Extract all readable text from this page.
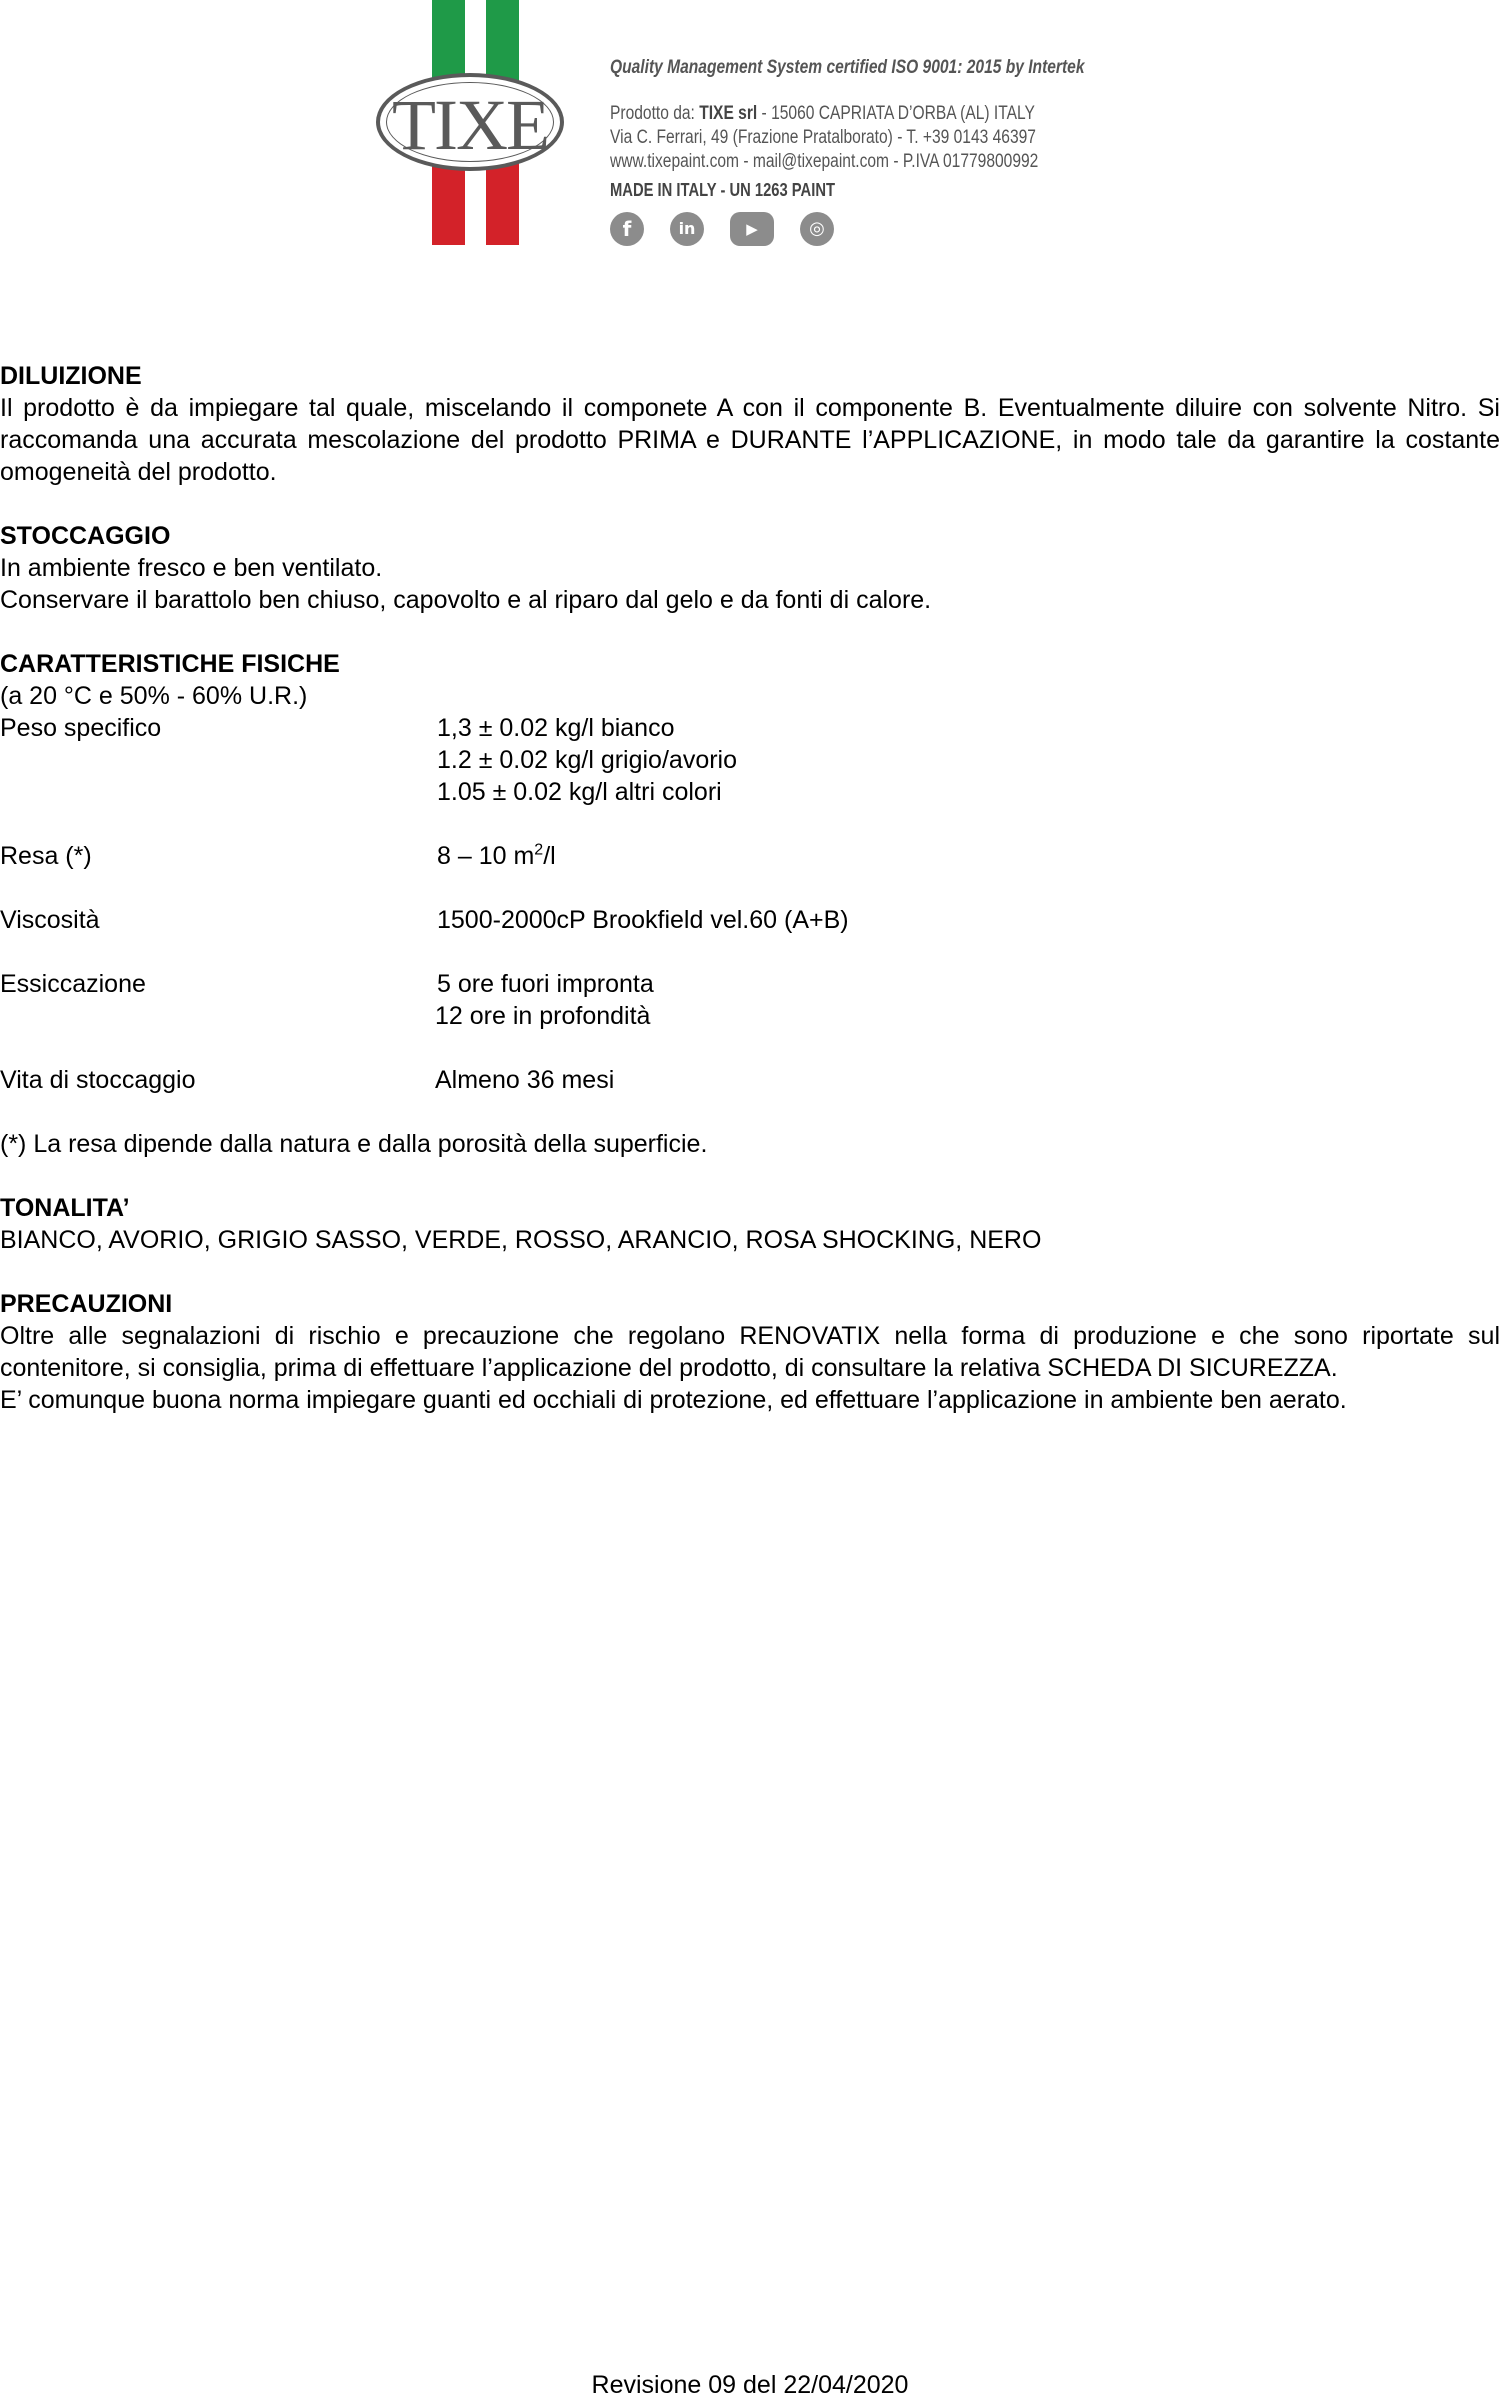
TIXE
Quality Management System certified ISO 9001: 2015 by Intertek
Prodotto da: TIXE srl - 15060 CAPRIATA D’ORBA (AL) ITALY
Via C. Ferrari, 49 (Frazione Pratalborato) - T. +39 0143 46397
www.tixepaint.com - mail@tixepaint.com - P.IVA 01779800992
MADE IN ITALY - UN 1263 PAINT
f	in	▶	◎
DILUIZIONE
Il prodotto è da impiegare tal quale, miscelando il componete A con il componente B. Eventualmente diluire con solvente Nitro. Si raccomanda una accurata mescolazione del prodotto PRIMA e DURANTE l’APPLICAZIONE, in modo tale da garantire la costante omogeneità del prodotto.
STOCCAGGIO
In ambiente fresco e ben ventilato.
Conservare il barattolo ben chiuso, capovolto e al riparo dal gelo e da fonti di calore.
CARATTERISTICHE FISICHE
(a 20 °C e 50% - 60% U.R.)
Peso specifico	1,3 ± 0.02 kg/l bianco
1.2 ± 0.02 kg/l grigio/avorio
1.05 ± 0.02 kg/l altri colori
Resa (*)	8 – 10 $m^2/l$
Viscosità	1500-2000cP Brookfield vel.60 (A+B)
Essiccazione	5 ore fuori impronta
12 ore in profondità
Vita di stoccaggio	Almeno 36 mesi
(*) La resa dipende dalla natura e dalla porosità della superficie.
TONALITA’
BIANCO, AVORIO, GRIGIO SASSO, VERDE, ROSSO, ARANCIO, ROSA SHOCKING, NERO
PRECAUZIONI
Oltre alle segnalazioni di rischio e precauzione che regolano RENOVATIX nella forma di produzione e che sono riportate sul contenitore, si consiglia, prima di effettuare l’applicazione del prodotto, di consultare la relativa SCHEDA DI SICUREZZA.
E’ comunque buona norma impiegare guanti ed occhiali di protezione, ed effettuare l’applicazione in ambiente ben aerato.
Revisione 09 del 22/04/2020
